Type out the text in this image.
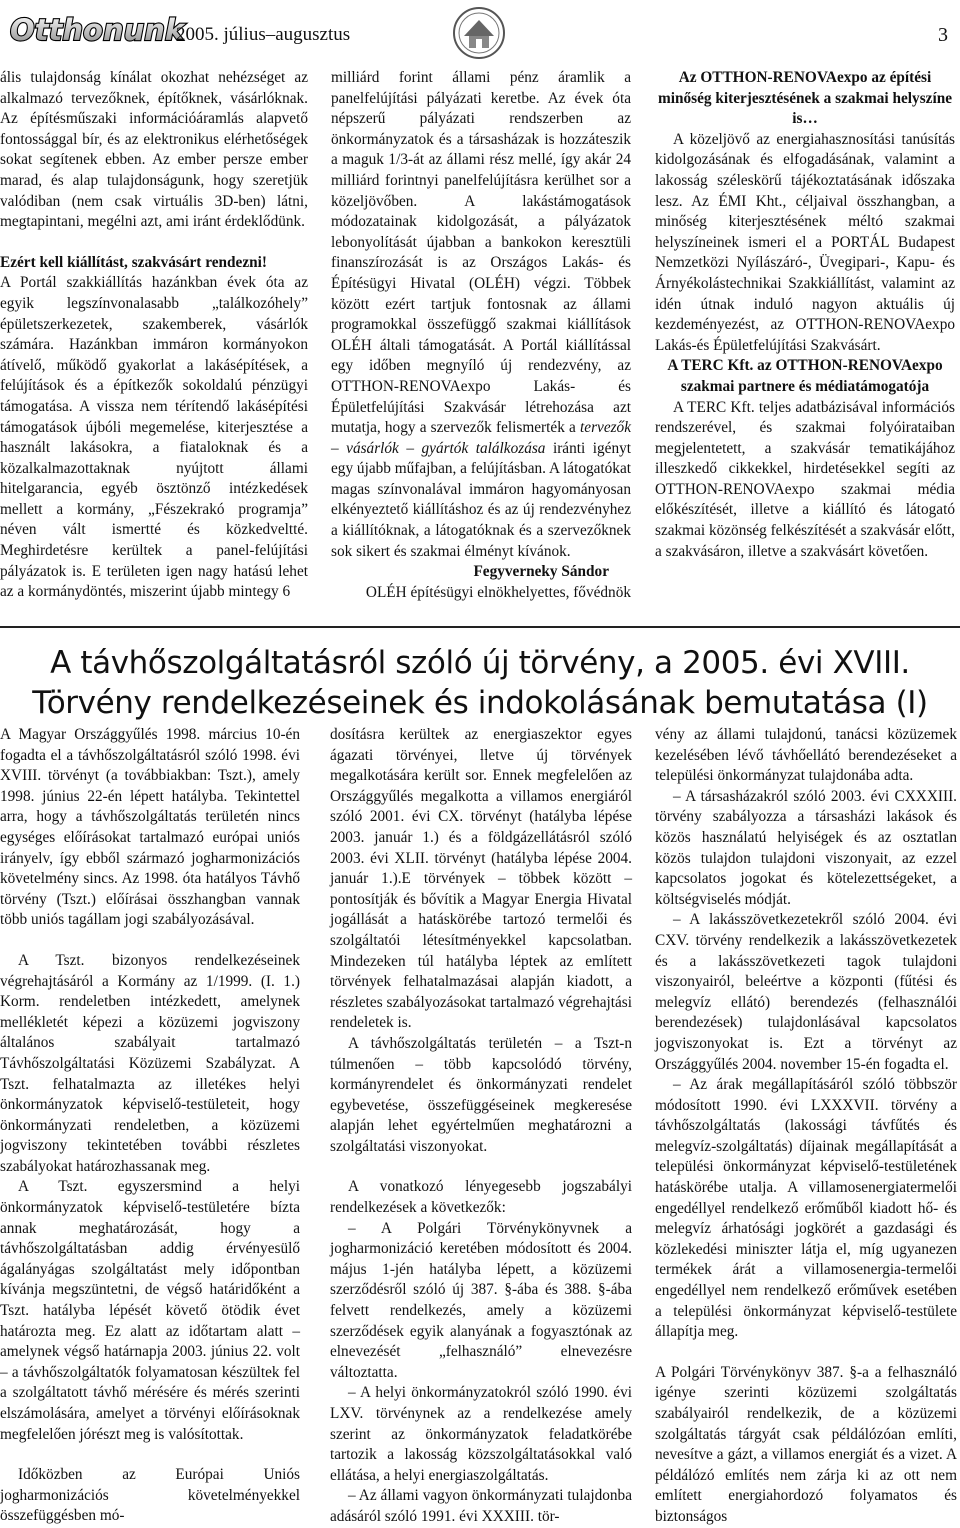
Otthonunk
2005. július–augusztus	3

ális tulajdonság kínálat okozhat nehézséget az alkalmazó tervezőknek, építőknek, vásárlóknak. Az építésműszaki információáramlás alapvető fontossággal bír, és az elektronikus elérhetőségek sokat segítenek ebben. Az ember persze ember marad, és alap tulajdonságunk, hogy szeretjük valódiban (nem csak virtuális 3D-ben) látni, megtapintani, megélni azt, ami iránt érdeklődünk.

Ezért kell kiállítást, szakvásárt rendezni!

A Portál szakkiállítás hazánkban évek óta az egyik legszínvonalasabb „találkozóhely” épületszerkezetek, szakemberek, vásárlók számára. Hazánkban immáron kormányokon átívelő, működő gyakorlat a lakásépítések, a felújítások és a építkezők sokoldalú pénzügyi támogatása. A vissza nem térítendő lakásépítési támogatások újbóli megemelése, kiterjesztése a használt lakásokra, a fiataloknak és a közalkalmazottaknak nyújtott állami hitelgarancia, egyéb ösztönző intézkedések mellett a kormány, „Fészekrakó programja” néven vált ismertté és közkedveltté. Meghirdetésre kerültek a panel-felújítási pályázatok is. E területen igen nagy hatású lehet az a kormánydöntés, miszerint újabb mintegy 6

milliárd forint állami pénz áramlik a panelfelújítási pályázati keretbe. Az évek óta népszerű pályázati rendszerben az önkormányzatok és a társasházak is hozzáteszik a maguk 1/3-át az állami rész mellé, így akár 24 milliárd forintnyi panelfelújításra kerülhet sor a közeljövőben. A lakástámogatások módozatainak kidolgozását, a pályázatok lebonyolítását újabban a bankokon keresztüli finanszírozását is az Országos Lakás- és Építésügyi Hivatal (OLÉH) végzi. Többek között ezért tartjuk fontosnak az állami programokkal összefüggő szakmai kiállítások OLÉH általi támogatását. A Portál kiállítással egy időben megnyíló új rendezvény, az OTTHON-RENOVAexpo Lakás- és Épületfelújítási Szakvásár létrehozása azt mutatja, hogy a szervezők felismerték a tervezők – vásárlók – gyártók találkozása iránti igényt egy újabb műfajban, a felújításban. A látogatókat magas színvonalával immáron hagyományosan elkényeztető kiállításhoz és az új rendezvényhez a kiállítóknak, a látogatóknak és a szervezőknek sok sikert és szakmai élményt kívánok.

Fegyverneky Sándor

OLÉH építésügyi elnökhelyettes, fővédnök

Az OTTHON-RENOVAexpo az építési minőség kiterjesztésének a szakmai helyszíne is…

A közeljövő az energiahasznosítási tanúsítás kidolgozásának és elfogadásának, valamint a lakosság széleskörű tájékoztatásának időszaka lesz. Az ÉMI Kht., céljaival összhangban, a minőség kiterjesztésének méltó szakmai helyszíneinek ismeri el a PORTÁL Budapest Nemzetközi Nyílászáró-, Üvegipari-, Kapu- és Árnyékolástechnikai Szakkiállítást, valamint az idén útnak induló nagyon aktuális új kezdeményezést, az OTTHON-RENOVAexpo Lakás-és Épületfelújítási Szakvásárt.

A TERC Kft. az OTTHON-RENOVAexpo szakmai partnere és médiatámogatója

A TERC Kft. teljes adatbázisával információs rendszerével, és szakmai folyóirataiban megjelentetett, a szakvásár tematikájához illeszkedő cikkekkel, hirdetésekkel segíti az OTTHON-RENOVAexpo szakmai média előkészítését, illetve a kiállító és látogató szakmai közönség felkészítését a szakvásár előtt, a szakvásáron, illetve a szakvásárt követően.

A távhőszolgáltatásról szóló új törvény, a 2005. évi XVIII.
Törvény rendelkezéseinek és indokolásának bemutatása (I)

A Magyar Országgyűlés 1998. március 10-én fogadta el a távhőszolgáltatásról szóló 1998. évi XVIII. törvényt (a továbbiakban: Tszt.), amely 1998. június 22-én lépett hatályba. Tekintettel arra, hogy a távhőszolgáltatás területén nincs egységes előírásokat tartalmazó európai uniós irányelv, így ebből származó jogharmonizációs követelmény sincs. Az 1998. óta hatályos Távhő törvény (Tszt.) előírásai összhangban vannak több uniós tagállam jogi szabályozásával.

A Tszt. bizonyos rendelkezéseinek végrehajtásáról a Kormány az 1/1999. (I. 1.) Korm. rendeletben intézkedett, amelynek mellékletét képezi a közüzemi jogviszony általános szabályait tartalmazó Távhőszolgáltatási Közüzemi Szabályzat. A Tszt. felhatalmazta az illetékes helyi önkormányzatok képviselő-testületeit, hogy önkormányzati rendeletben, a közüzemi jogviszony tekintetében további részletes szabályokat határozhassanak meg.

A Tszt. egyszersmind a helyi önkormányzatok képviselő-testületére bízta annak meghatározását, hogy a távhőszolgáltatásban addig érvényesülő ágalányágas szolgáltatást mely időpontban kívánja megszüntetni, de végső határidőként a Tszt. hatályba lépését követő ötödik évet határozta meg. Ez alatt az időtartam alatt – amelynek végső határnapja 2003. június 22. volt – a távhőszolgáltatók folyamatosan készültek fel a szolgáltatott távhő mérésére és mérés szerinti elszámolására, amelyet a törvényi előírásoknak megfelelően jórészt meg is valósítottak.

Időközben az Európai Uniós jogharmonizációs követelményekkel összefüggésben mó-

dosításra kerültek az energiaszektor egyes ágazati törvényei, lletve új törvények megalkotására került sor. Ennek megfelelően az Országgyűlés megalkotta a villamos energiáról szóló 2001. évi CX. törvényt (hatályba lépése 2003. január 1.) és a földgázellátásról szóló 2003. évi XLII. törvényt (hatályba lépése 2004. január 1.).E törvények – többek között – pontosítják és bővítik a Magyar Energia Hivatal jogállását a hatáskörébe tartozó termelői és szolgáltatói létesítményekkel kapcsolatban. Mindezeken túl hatályba léptek az említett törvények felhatalmazásai alapján kiadott, a részletes szabályozásokat tartalmazó végrehajtási rendeletek is.

A távhőszolgáltatás területén – a Tszt-n túlmenően – több kapcsolódó törvény, kormányrendelet és önkormányzati rendelet egybevetése, összefüggéseinek megkeresése alapján lehet egyértelműen meghatározni a szolgáltatási viszonyokat.

A vonatkozó lényegesebb jogszabályi rendelkezések a következők:

– A Polgári Törvénykönyvnek a jogharmonizáció keretében módosított és 2004. május 1-jén hatályba lépett, a közüzemi szerződésről szóló új 387. §-ába és 388. §-ába felvett rendelkezés, amely a közüzemi szerződések egyik alanyának a fogyasztónak az elnevezését „felhasználó” elnevezésre változtatta.

– A helyi önkormányzatokról szóló 1990. évi LXV. törvénynek az a rendelkezése amely szerint az önkormányzatok feladatkörébe tartozik a lakosság közszolgáltatásokkal való ellátása, a helyi energiaszolgáltatás.

– Az állami vagyon önkormányzati tulajdonba adásáról szóló 1991. évi XXXIII. tör-

vény az állami tulajdonú, tanácsi közüzemek kezelésében lévő távhőellátó berendezéseket a települési önkormányzat tulajdonába adta.

– A társasházakról szóló 2003. évi CXXXIII. törvény szabályozza a társasházi lakások és közös használatú helyiségek és az osztatlan közös tulajdon tulajdoni viszonyait, az ezzel kapcsolatos jogokat és kötelezettségeket, a költségviselés módját.

– A lakásszövetkezetekről szóló 2004. évi CXV. törvény rendelkezik a lakásszövetkezetek és a lakásszövetkezeti tagok tulajdoni viszonyairól, beleértve a központi (fűtési és melegvíz ellátó) berendezés (felhasználói berendezések) tulajdonlásával kapcsolatos jogviszonyokat is. Ezt a törvényt az Országgyűlés 2004. november 15-én fogadta el.

– Az árak megállapításáról szóló többször módosított 1990. évi LXXXVII. törvény a távhőszolgáltatás (lakossági távfűtés és melegvíz-szolgáltatás) díjainak megállapítását a települési önkormányzat képviselő-testületének hatáskörébe utalja. A villamosenergiatermelői engedéllyel rendelkező erőműből kiadott hő- és melegvíz árhatósági jogkörét a gazdasági és közlekedési miniszter látja el, míg ugyanezen termékek árát a villamosenergia-termelői engedéllyel nem rendelkező erőművek esetében a települési önkormányzat képviselő-testülete állapítja meg.

A Polgári Törvénykönyv 387. §-a a felhasználó igénye szerinti közüzemi szolgáltatás szabályairól rendelkezik, de a közüzemi szolgáltatás tárgyát csak példálózóan említi, nevesítve a gázt, a villamos energiát és a vizet. A példálózó említés nem zárja ki az ott nem említett energiahordozó folyamatos és biztonságos
